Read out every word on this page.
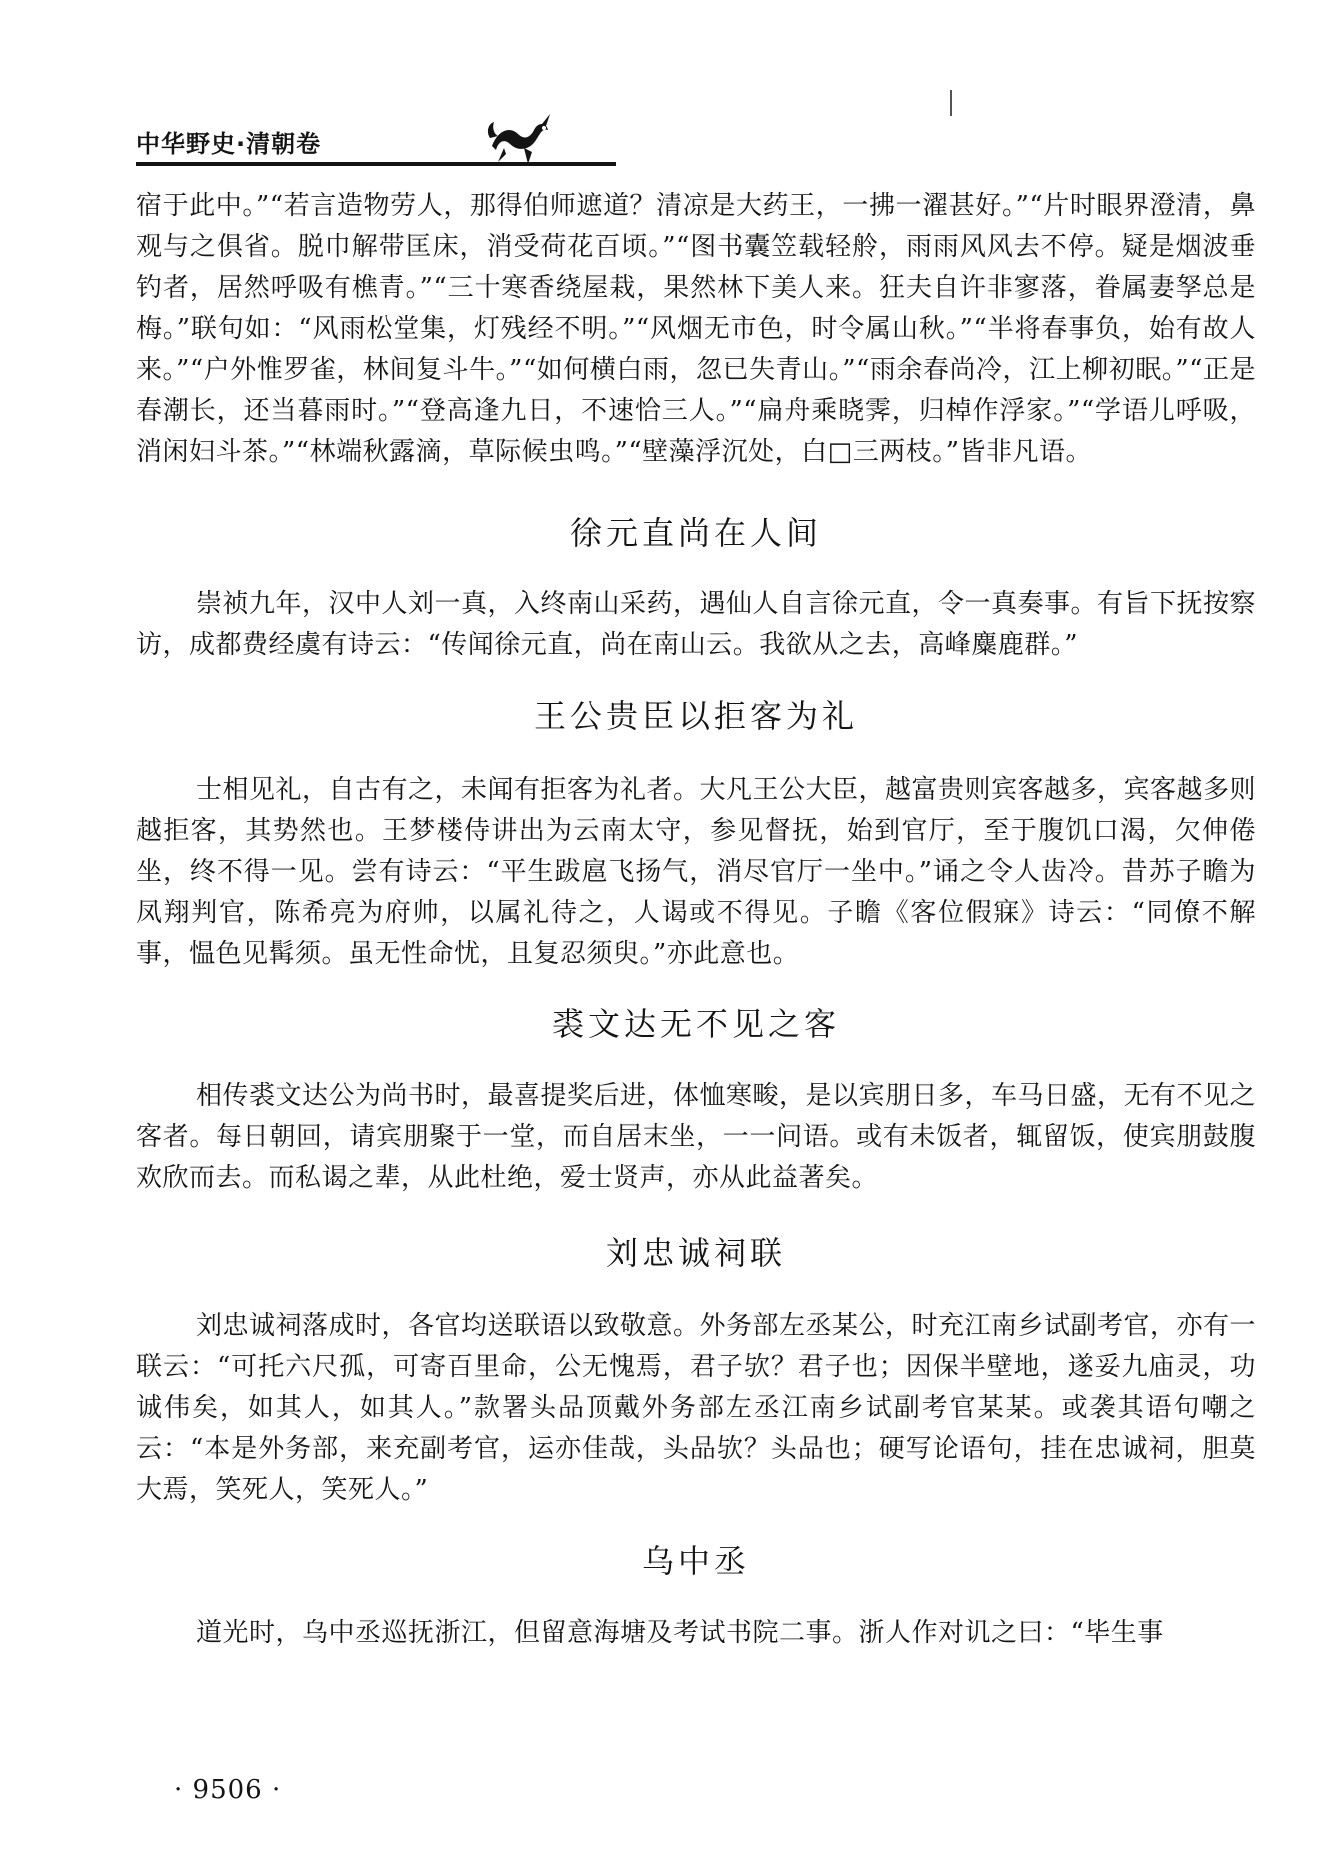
中华野史·清朝卷

宿于此中。”“若言造物劳人，那得伯师遮道？清凉是大药王，一拂一濯甚好。”“片时眼界澄清，鼻观与之俱省。脱巾解带匡床，消受荷花百顷。”“图书囊笠载轻舲，雨雨风风去不停。疑是烟波垂钓者，居然呼吸有樵青。”“三十寒香绕屋栽，果然林下美人来。狂夫自许非寥落，眷属妻孥总是梅。”联句如：“风雨松堂集，灯残经不明。”“风烟无市色，时令属山秋。”“半将春事负，始有故人来。”“户外惟罗雀，林间复斗牛。”“如何横白雨，忽已失青山。”“雨余春尚冷，江上柳初眠。”“正是春潮长，还当暮雨时。”“登高逢九日，不速恰三人。”“扁舟乘晓霁，归棹作浮家。”“学语儿呼吸，消闲妇斗茶。”“林端秋露滴，草际候虫鸣。”“壁藻浮沉处，白□三两枝。”皆非凡语。

徐元直尚在人间

崇祯九年，汉中人刘一真，入终南山采药，遇仙人自言徐元直，令一真奏事。有旨下抚按察访，成都费经虞有诗云：“传闻徐元直，尚在南山云。我欲从之去，高峰麋鹿群。”

王公贵臣以拒客为礼

士相见礼，自古有之，未闻有拒客为礼者。大凡王公大臣，越富贵则宾客越多，宾客越多则越拒客，其势然也。王梦楼侍讲出为云南太守，参见督抚，始到官厅，至于腹饥口渴，欠伸倦坐，终不得一见。尝有诗云：“平生跋扈飞扬气，消尽官厅一坐中。”诵之令人齿冷。昔苏子瞻为凤翔判官，陈希亮为府帅，以属礼待之，人谒或不得见。子瞻《客位假寐》诗云：“同僚不解事，愠色见髯须。虽无性命忧，且复忍须臾。”亦此意也。

裘文达无不见之客

相传裘文达公为尚书时，最喜提奖后进，体恤寒畯，是以宾朋日多，车马日盛，无有不见之客者。每日朝回，请宾朋聚于一堂，而自居末坐，一一问语。或有未饭者，辄留饭，使宾朋鼓腹欢欣而去。而私谒之辈，从此杜绝，爱士贤声，亦从此益著矣。

刘忠诚祠联

刘忠诚祠落成时，各官均送联语以致敬意。外务部左丞某公，时充江南乡试副考官，亦有一联云：“可托六尺孤，可寄百里命，公无愧焉，君子欤？君子也；因保半壁地，遂妥九庙灵，功诚伟矣，如其人，如其人。”款署头品顶戴外务部左丞江南乡试副考官某某。或袭其语句嘲之云：“本是外务部，来充副考官，运亦佳哉，头品欤？头品也；硬写论语句，挂在忠诚祠，胆莫大焉，笑死人，笑死人。”

乌中丞

道光时，乌中丞巡抚浙江，但留意海塘及考试书院二事。浙人作对讥之曰：“毕生事

· 9506 ·
